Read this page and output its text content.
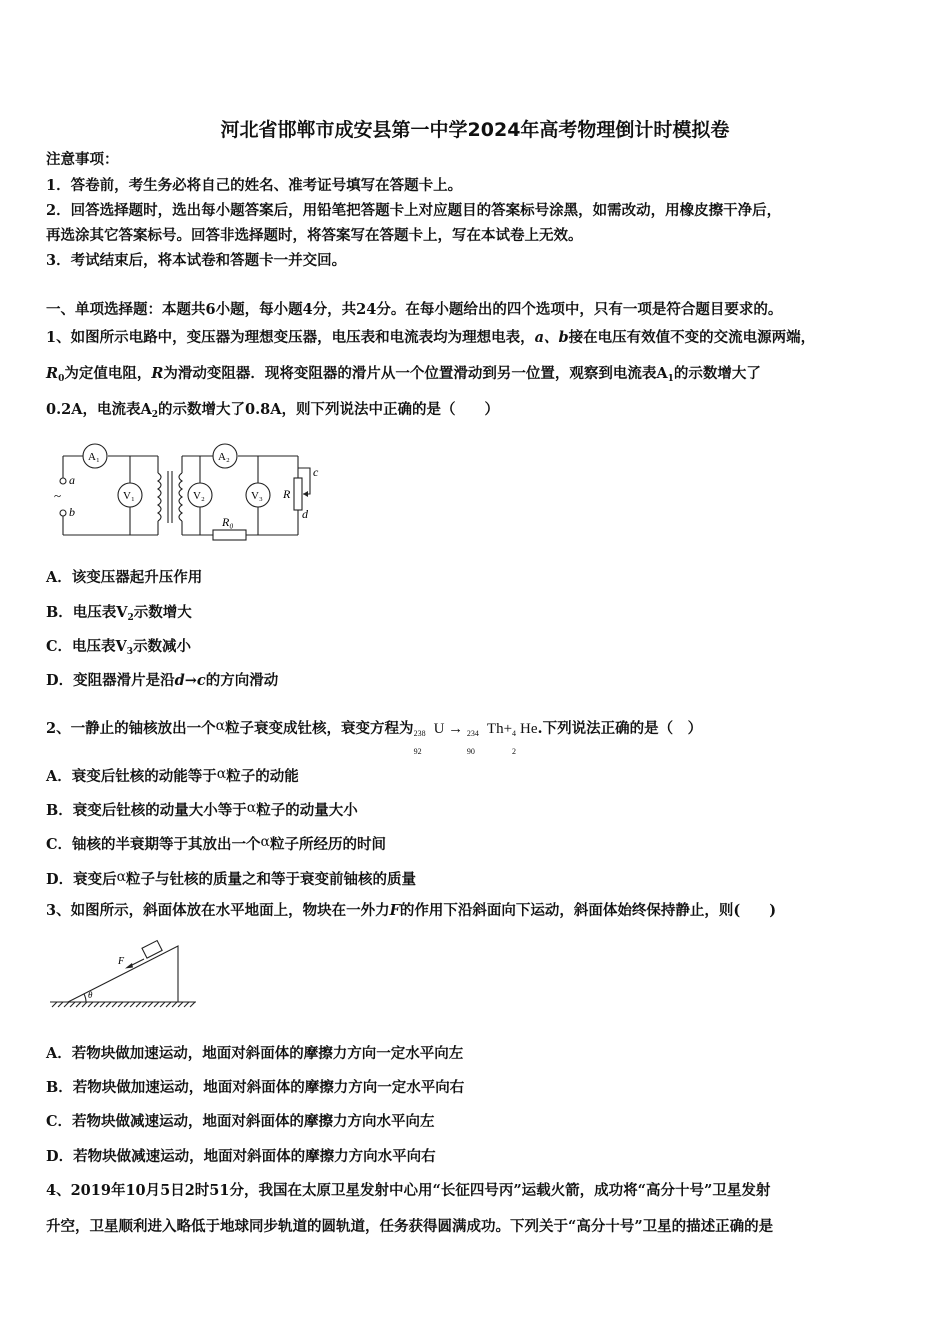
河北省邯郸市成安县第一中学2024年高考物理倒计时模拟卷
注意事项：
1．答卷前，考生务必将自己的姓名、准考证号填写在答题卡上。
2．回答选择题时，选出每小题答案后，用铅笔把答题卡上对应题目的答案标号涂黑，如需改动，用橡皮擦干净后，
再选涂其它答案标号。回答非选择题时，将答案写在答题卡上，写在本试卷上无效。
3．考试结束后，将本试卷和答题卡一并交回。
一、单项选择题：本题共6小题，每小题4分，共24分。在每小题给出的四个选项中，只有一项是符合题目要求的。
1、如图所示电路中，变压器为理想变压器，电压表和电流表均为理想电表，a、b接在电压有效值不变的交流电源两端，
$R_0$为定值电阻，R为滑动变阻器．现将变阻器的滑片从一个位置滑动到另一位置，观察到电流表$A_1$的示数增大了
0.2A，电流表$A_2$的示数增大了0.8A，则下列说法中正确的是（　　）
A₁
V₁
A₂
V₂	V₃
~
a
b
c
d
R
R₀
A．该变压器起升压作用
B．电压表$V_2$示数增大
C．电压表$V_3$示数减小
D．变阻器滑片是沿d→c的方向滑动
2、一静止的铀核放出一个α粒子衰变成钍核，衰变方程为 238
92
U → 234
90
Th+ 4
2
He.下列说法正确的是（　）
A．衰变后钍核的动能等于α粒子的动能
B．衰变后钍核的动量大小等于α粒子的动量大小
C．铀核的半衰期等于其放出一个α粒子所经历的时间
D．衰变后α粒子与钍核的质量之和等于衰变前铀核的质量
3、如图所示，斜面体放在水平地面上，物块在一外力F的作用下沿斜面向下运动，斜面体始终保持静止，则(　　)
F
θ
A．若物块做加速运动，地面对斜面体的摩擦力方向一定水平向左
B．若物块做加速运动，地面对斜面体的摩擦力方向一定水平向右
C．若物块做减速运动，地面对斜面体的摩擦力方向水平向左
D．若物块做减速运动，地面对斜面体的摩擦力方向水平向右
4、2019年10月5日2时51分，我国在太原卫星发射中心用“长征四号丙”运载火箭，成功将“高分十号”卫星发射
升空，卫星顺利进入略低于地球同步轨道的圆轨道，任务获得圆满成功。下列关于“高分十号”卫星的描述正确的是
